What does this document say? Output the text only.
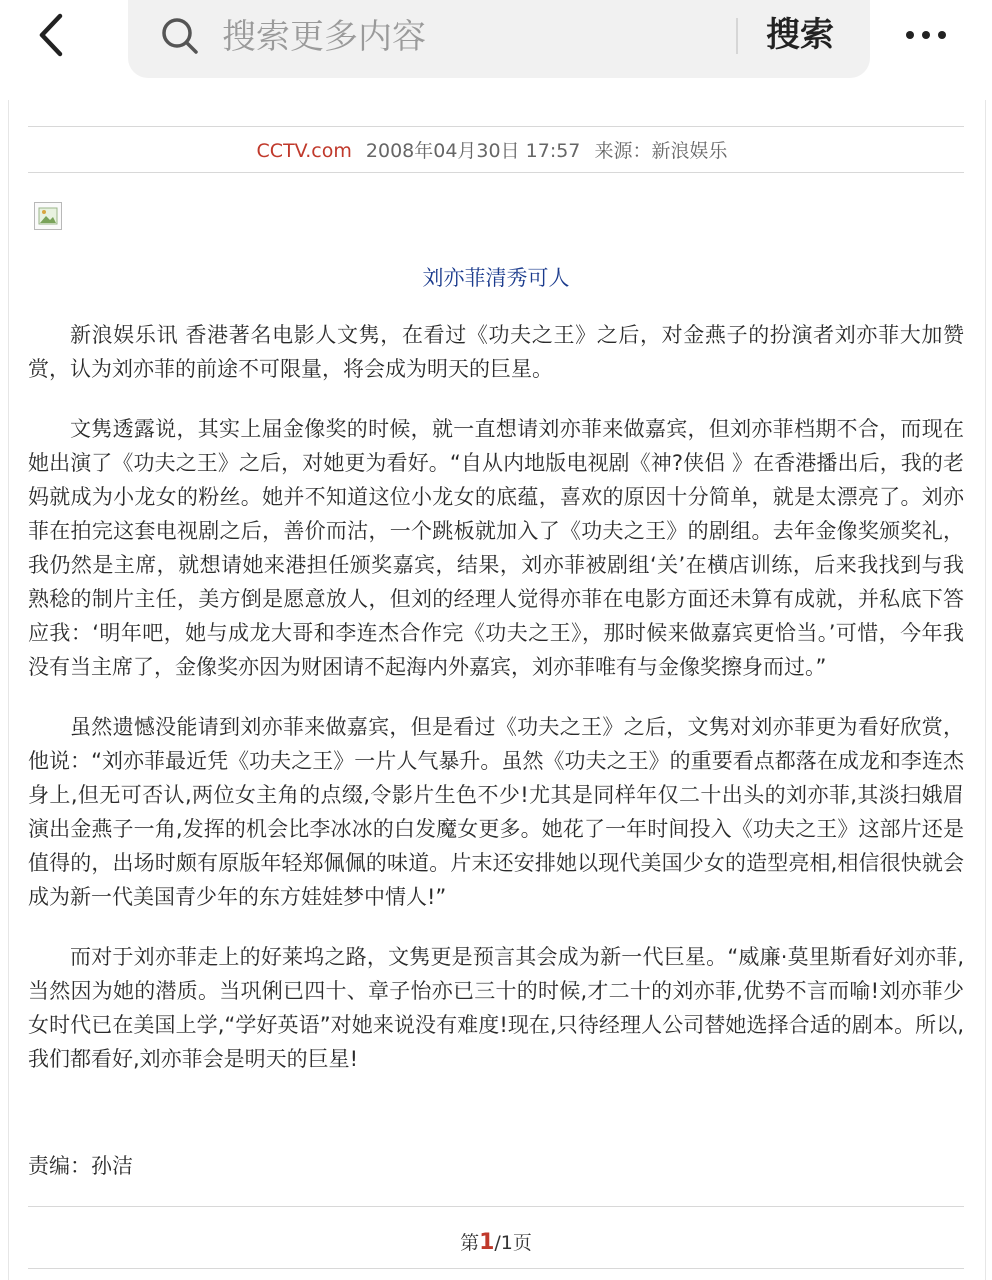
搜索更多内容
搜索
CCTV.com 2008年04月30日 17:57 来源：新浪娱乐
刘亦菲清秀可人

新浪娱乐讯 香港著名电影人文隽，在看过《功夫之王》之后，对金燕子的扮演者刘亦菲大加赞赏，认为刘亦菲的前途不可限量，将会成为明天的巨星。

文隽透露说，其实上届金像奖的时候，就一直想请刘亦菲来做嘉宾，但刘亦菲档期不合，而现在她出演了《功夫之王》之后，对她更为看好。“自从内地版电视剧《神?侠侣 》在香港播出后，我的老妈就成为小龙女的粉丝。她并不知道这位小龙女的底蕴，喜欢的原因十分简单，就是太漂亮了。刘亦菲在拍完这套电视剧之后，善价而沽，一个跳板就加入了《功夫之王》的剧组。去年金像奖颁奖礼，我仍然是主席，就想请她来港担任颁奖嘉宾，结果，刘亦菲被剧组‘关’在横店训练，后来我找到与我熟稔的制片主任，美方倒是愿意放人，但刘的经理人觉得亦菲在电影方面还未算有成就，并私底下答应我：‘明年吧，她与成龙大哥和李连杰合作完《功夫之王》，那时候来做嘉宾更恰当。’可惜，今年我没有当主席了，金像奖亦因为财困请不起海内外嘉宾，刘亦菲唯有与金像奖擦身而过。”

虽然遗憾没能请到刘亦菲来做嘉宾，但是看过《功夫之王》之后，文隽对刘亦菲更为看好欣赏，他说：“刘亦菲最近凭《功夫之王》一片人气暴升。虽然《功夫之王》的重要看点都落在成龙和李连杰身上,但无可否认,两位女主角的点缀,令影片生色不少!尤其是同样年仅二十出头的刘亦菲,其淡扫娥眉演出金燕子一角,发挥的机会比李冰冰的白发魔女更多。她花了一年时间投入《功夫之王》这部片还是值得的，出场时颇有原版年轻郑佩佩的味道。片末还安排她以现代美国少女的造型亮相,相信很快就会成为新一代美国青少年的东方娃娃梦中情人!”

而对于刘亦菲走上的好莱坞之路，文隽更是预言其会成为新一代巨星。“威廉·莫里斯看好刘亦菲,当然因为她的潜质。当巩俐已四十、章子怡亦已三十的时候,才二十的刘亦菲,优势不言而喻!刘亦菲少女时代已在美国上学,“学好英语”对她来说没有难度!现在,只待经理人公司替她选择合适的剧本。所以,我们都看好,刘亦菲会是明天的巨星!

责编：孙洁
第1/1页
